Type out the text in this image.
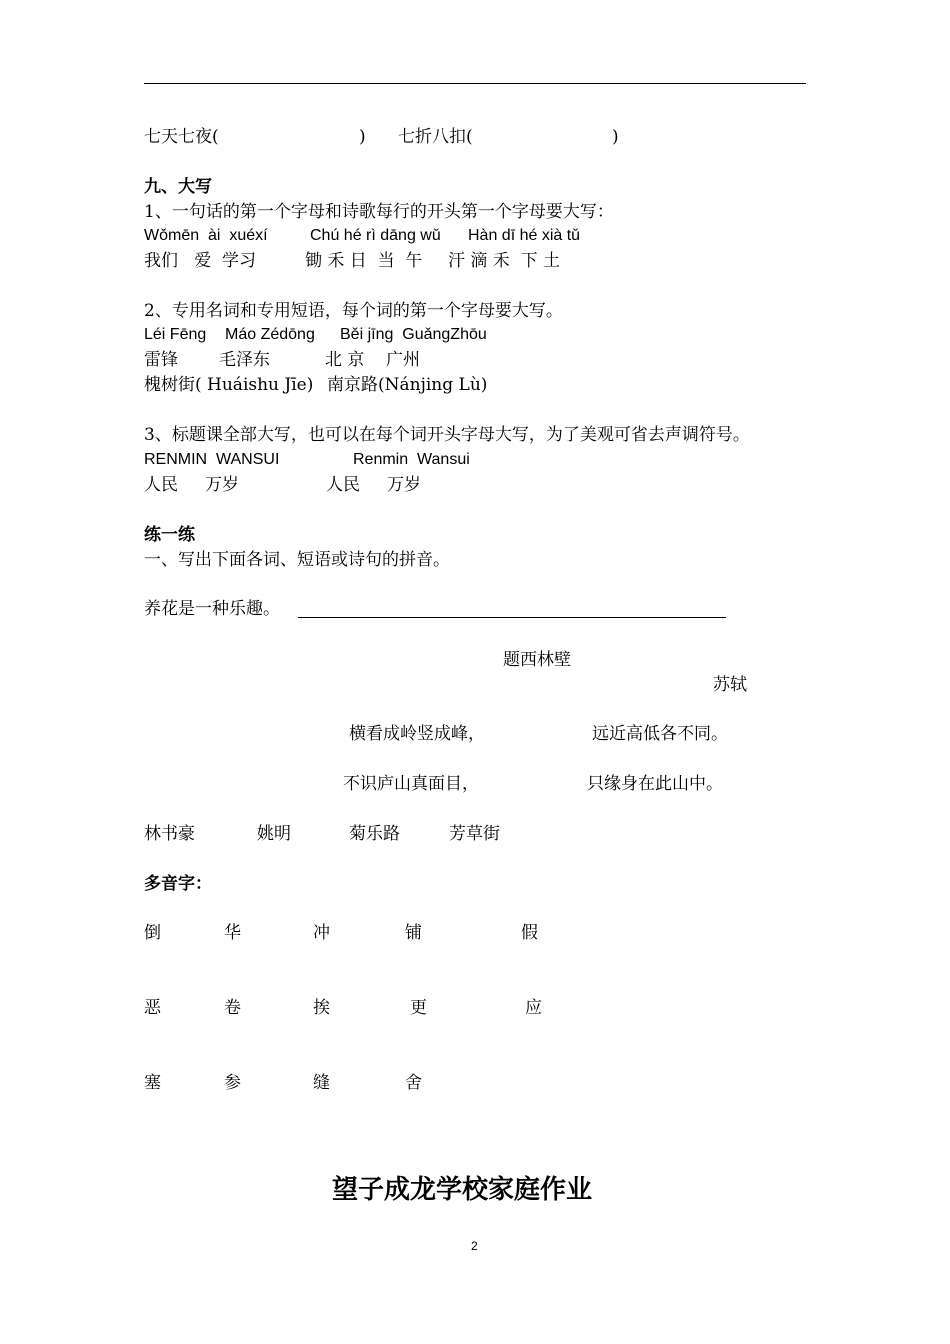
七天七夜(	) 七折八扣(	)
九、大写
1、一句话的第一个字母和诗歌每行的开头第一个字母要大写：
Wǒmēn  ài  xuéxí	Chú hé rì dāng wǔ Hàn dī hé xià tǔ
我们   爱  学习	锄 禾 日  当  午 汗 滴 禾  下 土
2、专用名词和专用短语，每个词的第一个字母要大写。
Léi Fēng Máo Zédōng Běi jīng  GuǎngZhōu
雷锋 毛泽东	北 京    广州
槐树街( Huáishu Jīe) 南京路(Nánjing Lù)
3、标题课全部大写，也可以在每个词开头字母大写，为了美观可省去声调符号。
RENMIN  WANSUI	Renmin  Wansui
人民     万岁	人民     万岁
练一练
一、写出下面各词、短语或诗句的拼音。
养花是一种乐趣。
题西林壁
苏轼
横看成岭竖成峰，	远近高低各不同。
不识庐山真面目，	只缘身在此山中。
林书豪	姚明	菊乐路	芳草街
多音字：
倒	华	冲	铺	假
恶	卷	挨	更	应
塞	参	缝	舍
望子成龙学校家庭作业
2
